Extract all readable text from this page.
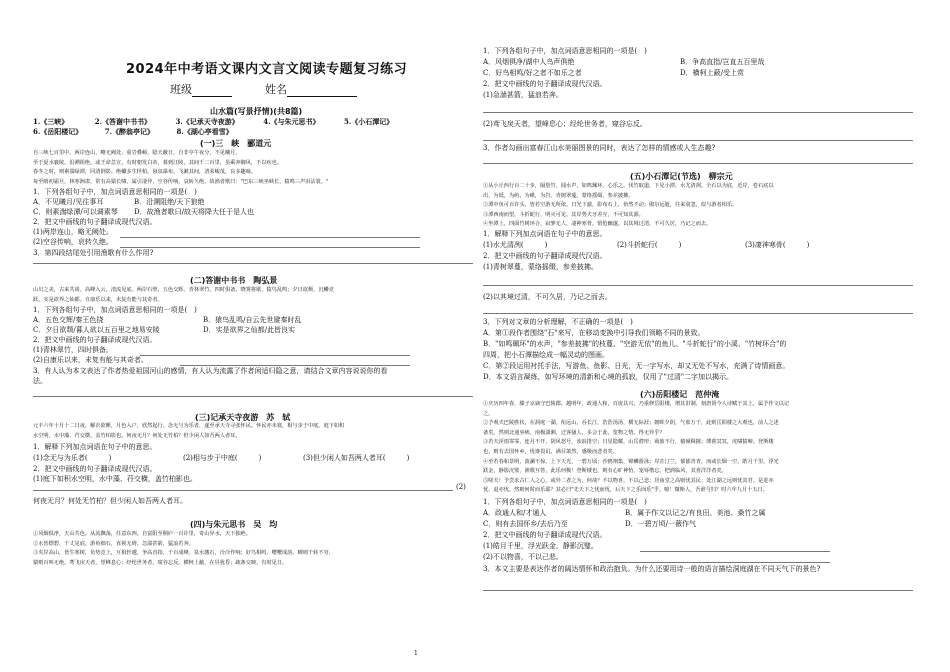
2024年中考语文课内文言文阅读专题复习练习
班级	姓名
山水篇(写景抒情)(共8篇)
1.《三峡》	2.《答谢中书书》	3.《记承天寺夜游》	4.《与朱元思书》	5.《小石潭记》
6.《岳阳楼记》	7.《醉翁亭记》	8.《湖心亭看雪》
(一)三　峡　郦道元
自三峡七百里中，两岸连山，略无阙处。重岩叠嶂，隐天蔽日，自非亭午夜分，不见曦月。
至于夏水襄陵，沿溯阻绝。或王命急宣，有时朝发白帝，暮到江陵，其间千二百里，虽乘奔御风，不以疾也。
春冬之时，则素湍绿潭，回清倒影。绝巘多生怪柏，悬泉瀑布，飞漱其间，清荣峻茂，良多趣味。
每至晴初霜旦，林寒涧肃，常有高猿长啸，属引凄异，空谷传响，哀转久绝。故渔者歌曰："巴东三峡巫峡长，猿鸣三声泪沾裳。"
1．下列各组句子中，加点词语意思相同的一项是(　)
A．不见曦月/见往事耳	B．沿溯阻绝/天下狼绝
C．则素湍绿潭/可以调素琴 D．故渔者歌曰/故天将降大任于是人也
2．把文中画线的句子翻译成现代汉语。
(1)两岸连山，略无阙处。
(2)空谷传响，哀转久绝。
3．第四段结尾处引用渔歌有什么作用?
(二)答谢中书书　陶弘景
山川之美，古来共谈。高峰入云，清流见底。两岸石壁，五色交辉。青林翠竹，四时俱备。晓雾将歇，猿鸟乱鸣；夕日欲颓，沉鳞竞
跃。实是欲界之仙都。自康乐以来，未复有能与其奇者。
1．下列各组句子中，加点词语意思相同的一项是(　)
A．五色交辉/秦王色挠	B．猿鸟乱鸣/自云先世避秦时乱
C．夕日欲颓/暮人欲以五百里之地易安陵	D．实是欲界之仙都/此皆良实
2．把文中画线的句子翻译成现代汉语。
(1)青林翠竹，四时俱备。
(2)自康乐以来，未复有能与其奇者。
3．有人认为本文表达了作者热爱祖国河山的感情，有人认为流露了作者闲适归隐之意，请结合文章内容说说你的看
法。
(三)记承天寺夜游　苏　轼
元丰六年十月十二日夜，解衣欲睡，月色入户，欣然起行。念无与为乐者，遂至承天寺寻张怀民。怀民亦未寝，相与步于中庭。庭下如积
水空明，水中藻、荇交横，盖竹柏影也。何夜无月？何处无竹柏？但少闲人如吾两人者耳。
1．解释下列加点词语在句子中的意思。
(1)念无与为乐者(　　　)	(2)相与步于中庭(　　　)	(3)但少闲人如吾两人者耳(　　　)
2．把文中画线的句子翻译成现代汉语。
(1)庭下如积水空明，水中藻、荇交横，盖竹柏影也。
(2)
何夜无月？何处无竹柏？但少闲人如吾两人者耳。
(四)与朱元思书　吴　均
①风烟俱净，天山共色。从流飘荡，任意东西。自富阳至桐庐一百许里，奇山异水，天下独绝。
②水皆缥碧，千丈见底。游鱼细石，直视无碍。急湍甚箭，猛浪若奔。
③夹岸高山，皆生寒树，负势竞上，互相轩邈，争高直指，千百成峰。泉水激石，泠泠作响；好鸟相鸣，嘤嘤成韵。蝉则千转不穷，
猿则百叫无绝。鸢飞戾天者，望峰息心；经纶世务者，窥谷忘反。横柯上蔽，在昼犹昏；疏条交映，有时见日。
1．下列各组句子中，加点词语意思相同的一项是(　)
A．风烟俱净/湖中人鸟声俱绝	B．争高直指/岂直五百里哉
C．好鸟相鸣/好之者不如乐之者	D．横柯上蔽/受上赏
2．把文中画线的句子翻译成现代汉语。
(1)急湍甚箭，猛浪若奔。
(2)鸢飞戾天者，望峰息心；经纶世务者，窥谷忘反。
3．作者勾画出富春江山水美丽图景的同时，表达了怎样的情感或人生态趣?
(五)小石潭记(节选)　柳宗元
①从小丘西行百二十步，隔篁竹，闻水声，如鸣珮环，心乐之。伐竹取道，下见小潭，水尤清冽。全石以为底，近岸，卷石底以
出，为坻，为屿，为嵁，为岩。青树翠蔓，蒙络摇缀，参差披拂。
②潭中鱼可百许头，皆若空游无所依。日光下澈，影布石上，佁然不动；俶尔远逝，往来翕忽，似与游者相乐。
③潭西南而望，斗折蛇行，明灭可见。其岸势犬牙差互，不可知其源。
④坐潭上，四面竹树环合，寂寥无人，凄神寒骨，悄怆幽邃。以其境过清，不可久居，乃记之而去。
1．解释下列加点词语在句子中的意思。
(1)水尤清冽(　　　)	(2)斗折蛇行(　　　)	(3)凄神寒骨(　　　)
2．把文中画线的句子翻译成现代汉语。
(1)青树翠蔓，蒙络摇缀，参差披拂。
(2)以其境过清，不可久居，乃记之而去。
3．下列对文章的分析理解，不正确的一项是(　)
A．第①段作者围绕"石"来写，在移动变换中引导我们领略不同的景致。
B．"如鸣珮环"的水声，"参差披拂"的枝蔓、"空游无依"的鱼儿、"斗折蛇行"的小溪、"竹树环合"的
四周，把小石潭描绘成一幅灵动的图画。
C．第②段运用衬托手法，写游鱼、鱼影、日光，无一字写水，却又无处不写水，充满了诗情画意。
D．本文语言凝练，如写环境的清新和心境的孤寂，仅用了"过清"二字加以揭示。
(六)岳阳楼记　范仲淹
①庆历四年春，滕子京谪守巴陵郡。越明年，政通人和，百废具兴，乃重修岳阳楼，增其旧制，刻唐贤今人诗赋于其上，属予作文以记
之。
②予观夫巴陵胜状，在洞庭一湖。衔远山，吞长江，浩浩汤汤，横无际涯；朝晖夕阴，气象万千，此则岳阳楼之大观也，前人之述
备矣。然则北通巫峡，南极潇湘，迁客骚人，多会于此，览物之情，得无异乎？
③若夫淫雨霏霏，连月不开，阴风怒号，浊浪排空；日星隐耀，山岳潜形；商旅不行，樯倾楫摧；薄暮冥冥，虎啸猿啼。登斯楼
也，则有去国怀乡，忧谗畏讥，满目萧然，感极而悲者矣。
④至若春和景明，波澜不惊，上下天光，一碧万顷；沙鸥翔集，锦鳞游泳；岸芷汀兰，郁郁青青。而或长烟一空，皓月千里，浮光
跃金，静影沉璧，渔歌互答，此乐何极！登斯楼也，则有心旷神怡，宠辱偕忘，把酒临风，其喜洋洋者矣。
⑤嗟夫！予尝求古仁人之心，或异二者之为，何哉？不以物喜，不以己悲；居庙堂之高则忧其民；处江湖之远则忧其君。是进亦
忧，退亦忧。然则何时而乐耶？其必曰"先天下之忧而忧，后天下之乐而乐"乎。噫！微斯人，吾谁与归？时六年九月十五日。
1．下列各组句子中，加点词语意思相同的一项是(　)
A．政通人和/才通人	B．属予作文以记之/有良田、美池、桑竹之属
C．则有去国怀乡/去后乃至	D．一碧万顷/一薇作气
2．把文中画线的句子翻译成现代汉语。
(1)皓月千里，浮光跃金，静影沉璧。
(2)不以物喜，不以己悲。
3．本文主要是表达作者的阔达情怀和政治抱负。为什么还要用诗一般的语言描绘洞庭湖在不同天气下的景色?
1
